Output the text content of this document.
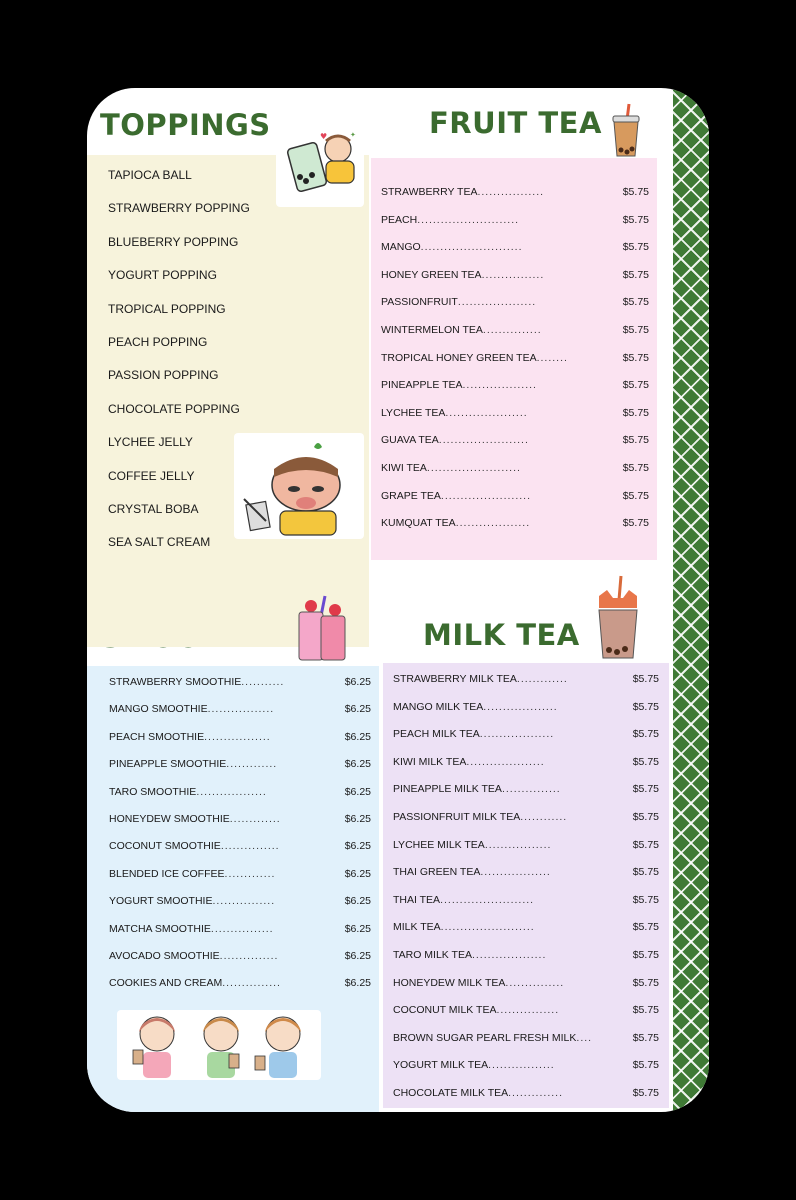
TOPPINGS	FRUIT TEA
MILK TEA
TAPIOCA BALL
STRAWBERRY POPPING
BLUEBERRY POPPING
YOGURT POPPING
TROPICAL POPPING
PEACH POPPING
PASSION POPPING
CHOCOLATE POPPING
LYCHEE JELLY
COFFEE JELLY
CRYSTAL BOBA
SEA SALT CREAM
STRAWBERRY TEA .................	$5.75
PEACH ..........................	$5.75
MANGO ..........................	$5.75
HONEY GREEN TEA ................	$5.75
PASSIONFRUIT ....................	$5.75
WINTERMELON TEA ...............	$5.75
TROPICAL HONEY GREEN TEA ........	$5.75
PINEAPPLE TEA ...................	$5.75
LYCHEE TEA .....................	$5.75
GUAVA TEA .......................	$5.75
KIWI TEA ........................	$5.75
GRAPE TEA .......................	$5.75
KUMQUAT TEA ...................	$5.75
STRAWBERRY SMOOTHIE ...........	$6.25
MANGO SMOOTHIE .................	$6.25
PEACH SMOOTHIE .................	$6.25
PINEAPPLE SMOOTHIE .............	$6.25
TARO SMOOTHIE ..................	$6.25
HONEYDEW SMOOTHIE .............	$6.25
COCONUT SMOOTHIE ...............	$6.25
BLENDED ICE COFFEE .............	$6.25
YOGURT SMOOTHIE ................	$6.25
MATCHA SMOOTHIE ................	$6.25
AVOCADO SMOOTHIE ...............	$6.25
COOKIES AND CREAM ...............	$6.25
STRAWBERRY MILK TEA .............	$5.75
MANGO MILK TEA ...................	$5.75
PEACH MILK TEA ...................	$5.75
KIWI MILK TEA ....................	$5.75
PINEAPPLE MILK TEA ...............	$5.75
PASSIONFRUIT MILK TEA ............	$5.75
LYCHEE MILK TEA .................	$5.75
THAI GREEN TEA ..................	$5.75
THAI TEA ........................	$5.75
MILK TEA ........................	$5.75
TARO MILK TEA ...................	$5.75
HONEYDEW MILK TEA ...............	$5.75
COCONUT MILK TEA ................	$5.75
BROWN SUGAR PEARL FRESH MILK ....	$5.75
YOGURT MILK TEA .................	$5.75
CHOCOLATE MILK TEA ..............	$5.75
♥	✦
